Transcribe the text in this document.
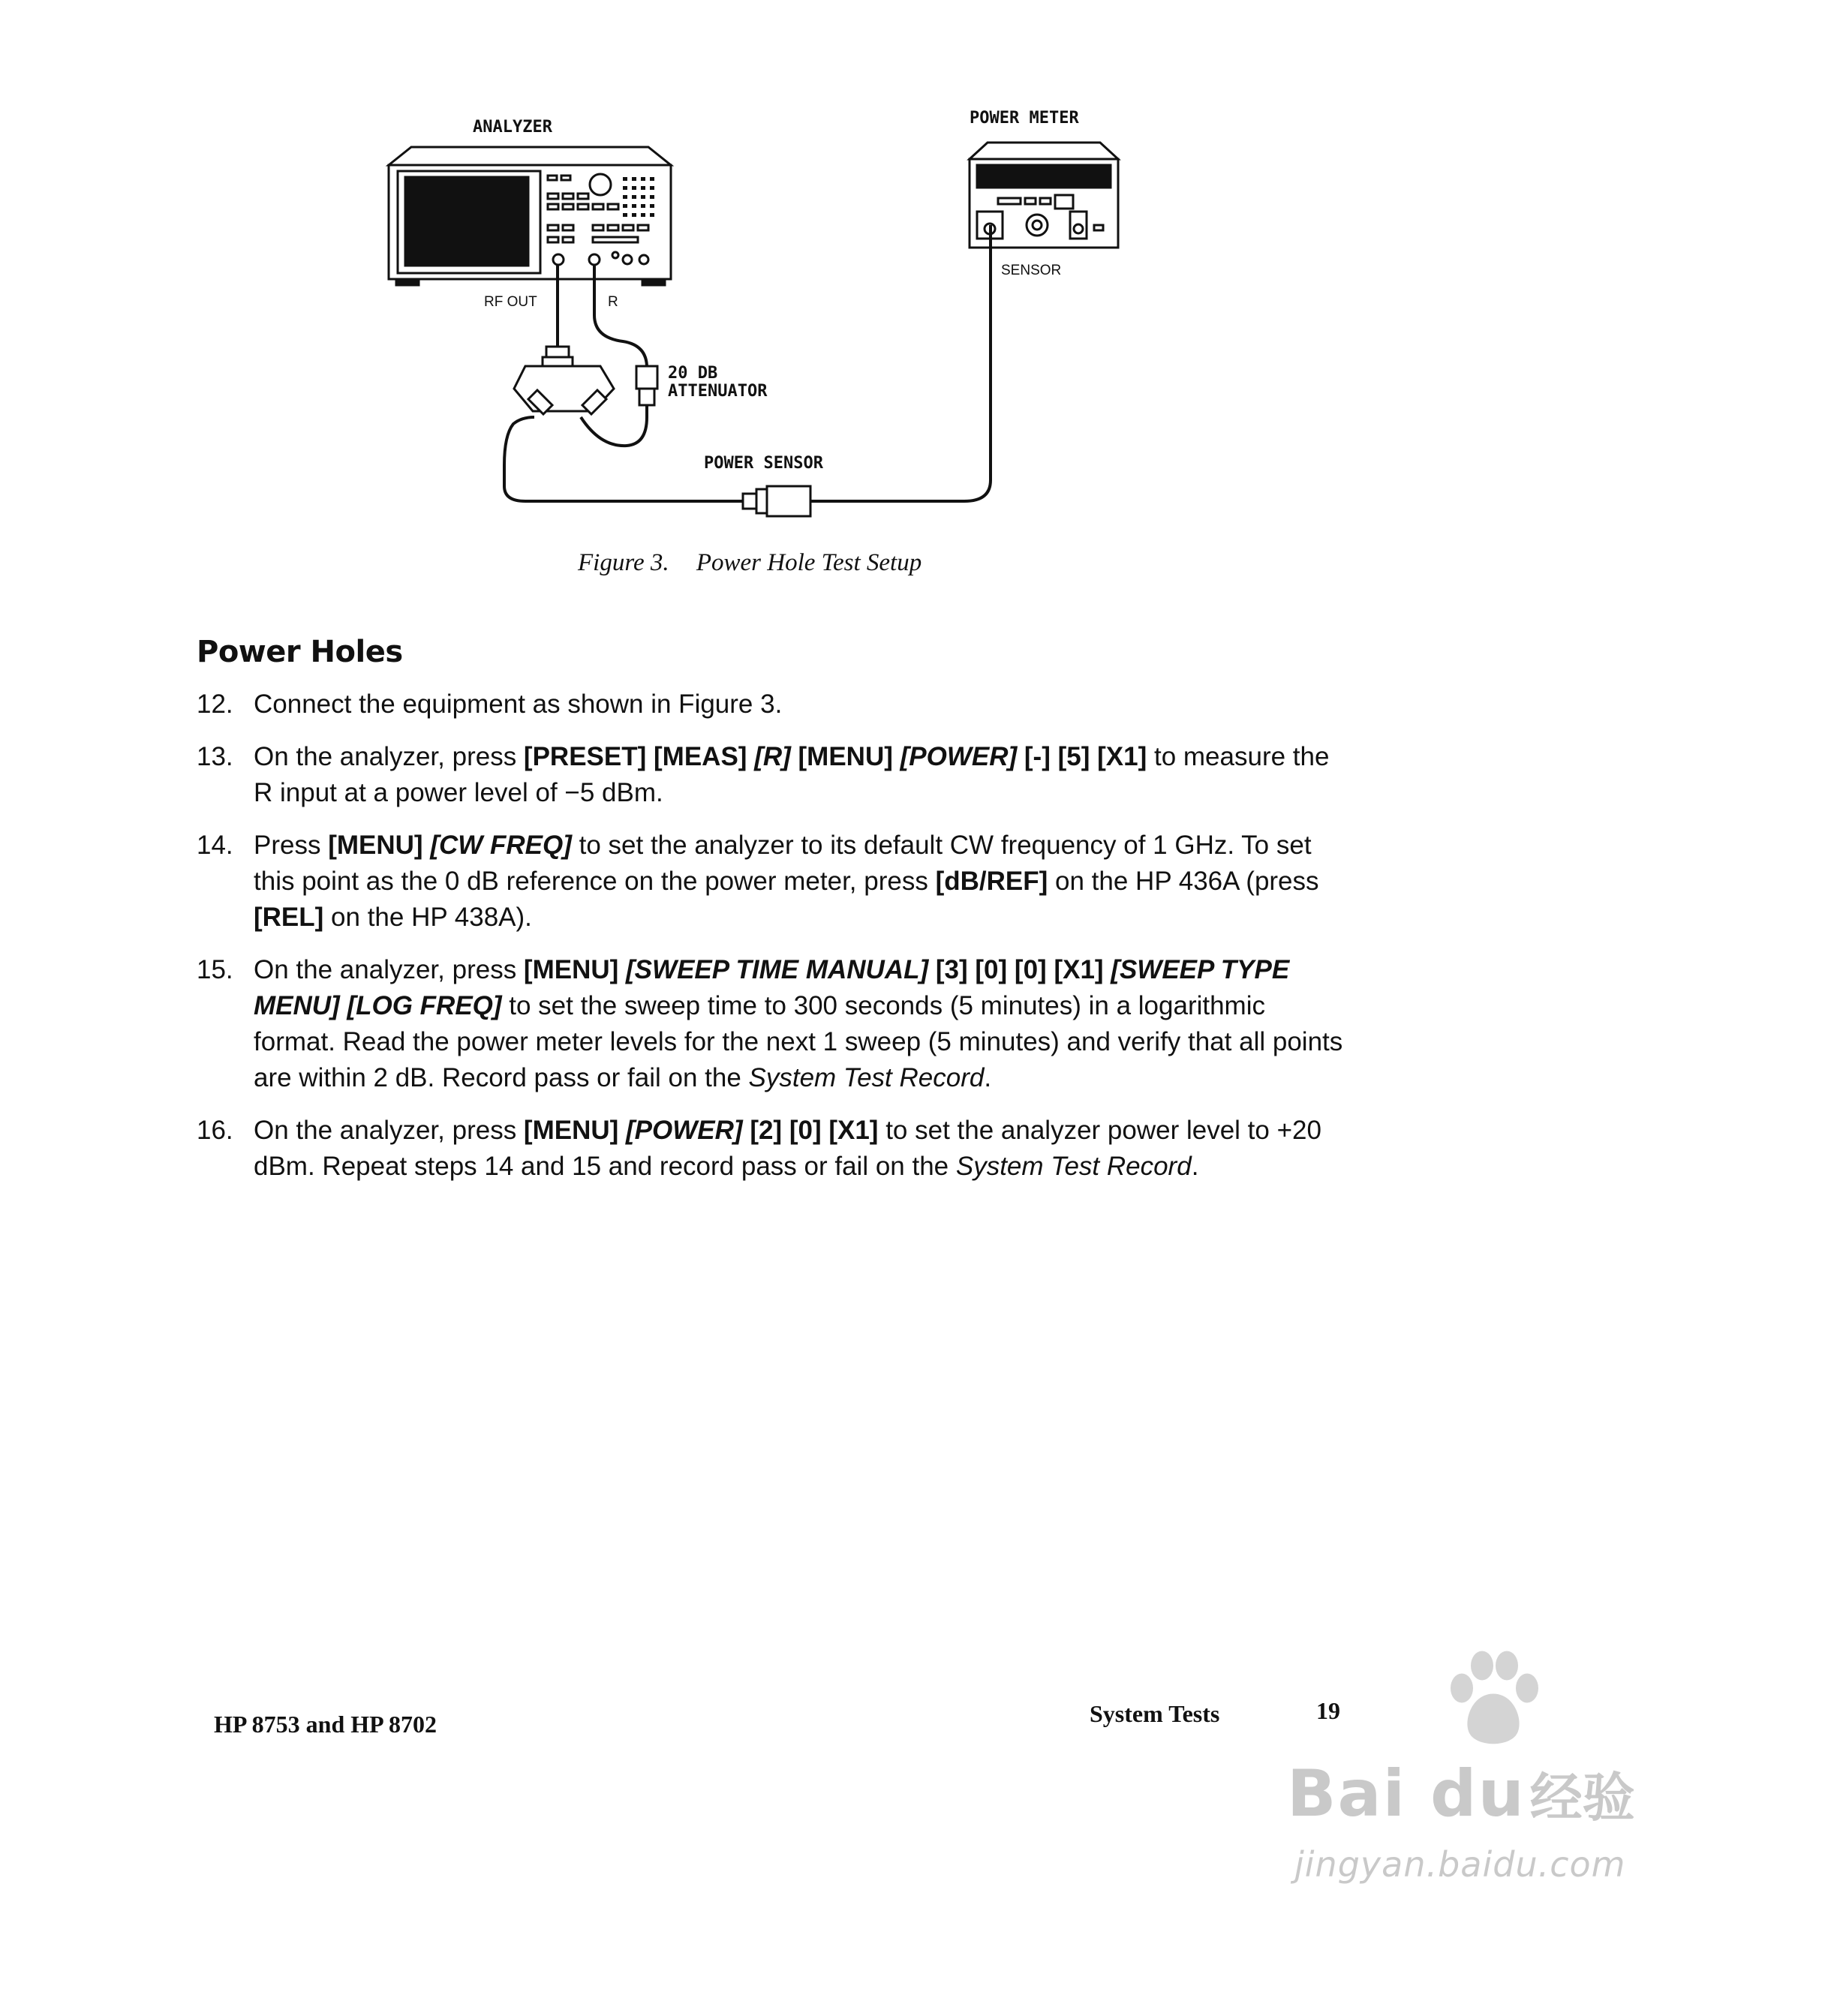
ANALYZER	POWER METER
RF OUT	R
SENSOR
20 DB
ATTENUATOR
POWER SENSOR
Figure 3. Power Hole Test Setup
Power Holes
12. Connect the equipment as shown in Figure 3.
13. On the analyzer, press [PRESET] [MEAS] [R] [MENU] [POWER] [-] [5] [X1] to measure the R input at a power level of −5 dBm.
14. Press [MENU] [CW FREQ] to set the analyzer to its default CW frequency of 1 GHz. To set this point as the 0 dB reference on the power meter, press [dB/REF] on the HP 436A (press [REL] on the HP 438A).
15. On the analyzer, press [MENU] [SWEEP TIME MANUAL] [3] [0] [0] [X1] [SWEEP TYPE MENU] [LOG FREQ] to set the sweep time to 300 seconds (5 minutes) in a logarithmic format. Read the power meter levels for the next 1 sweep (5 minutes) and verify that all points are within 2 dB. Record pass or fail on the System Test Record.
16. On the analyzer, press [MENU] [POWER] [2] [0] [X1] to set the analyzer power level to +20 dBm. Repeat steps 14 and 15 and record pass or fail on the System Test Record.
HP 8753 and HP 8702	System Tests	19
Bai du经验
jingyan.baidu.com
